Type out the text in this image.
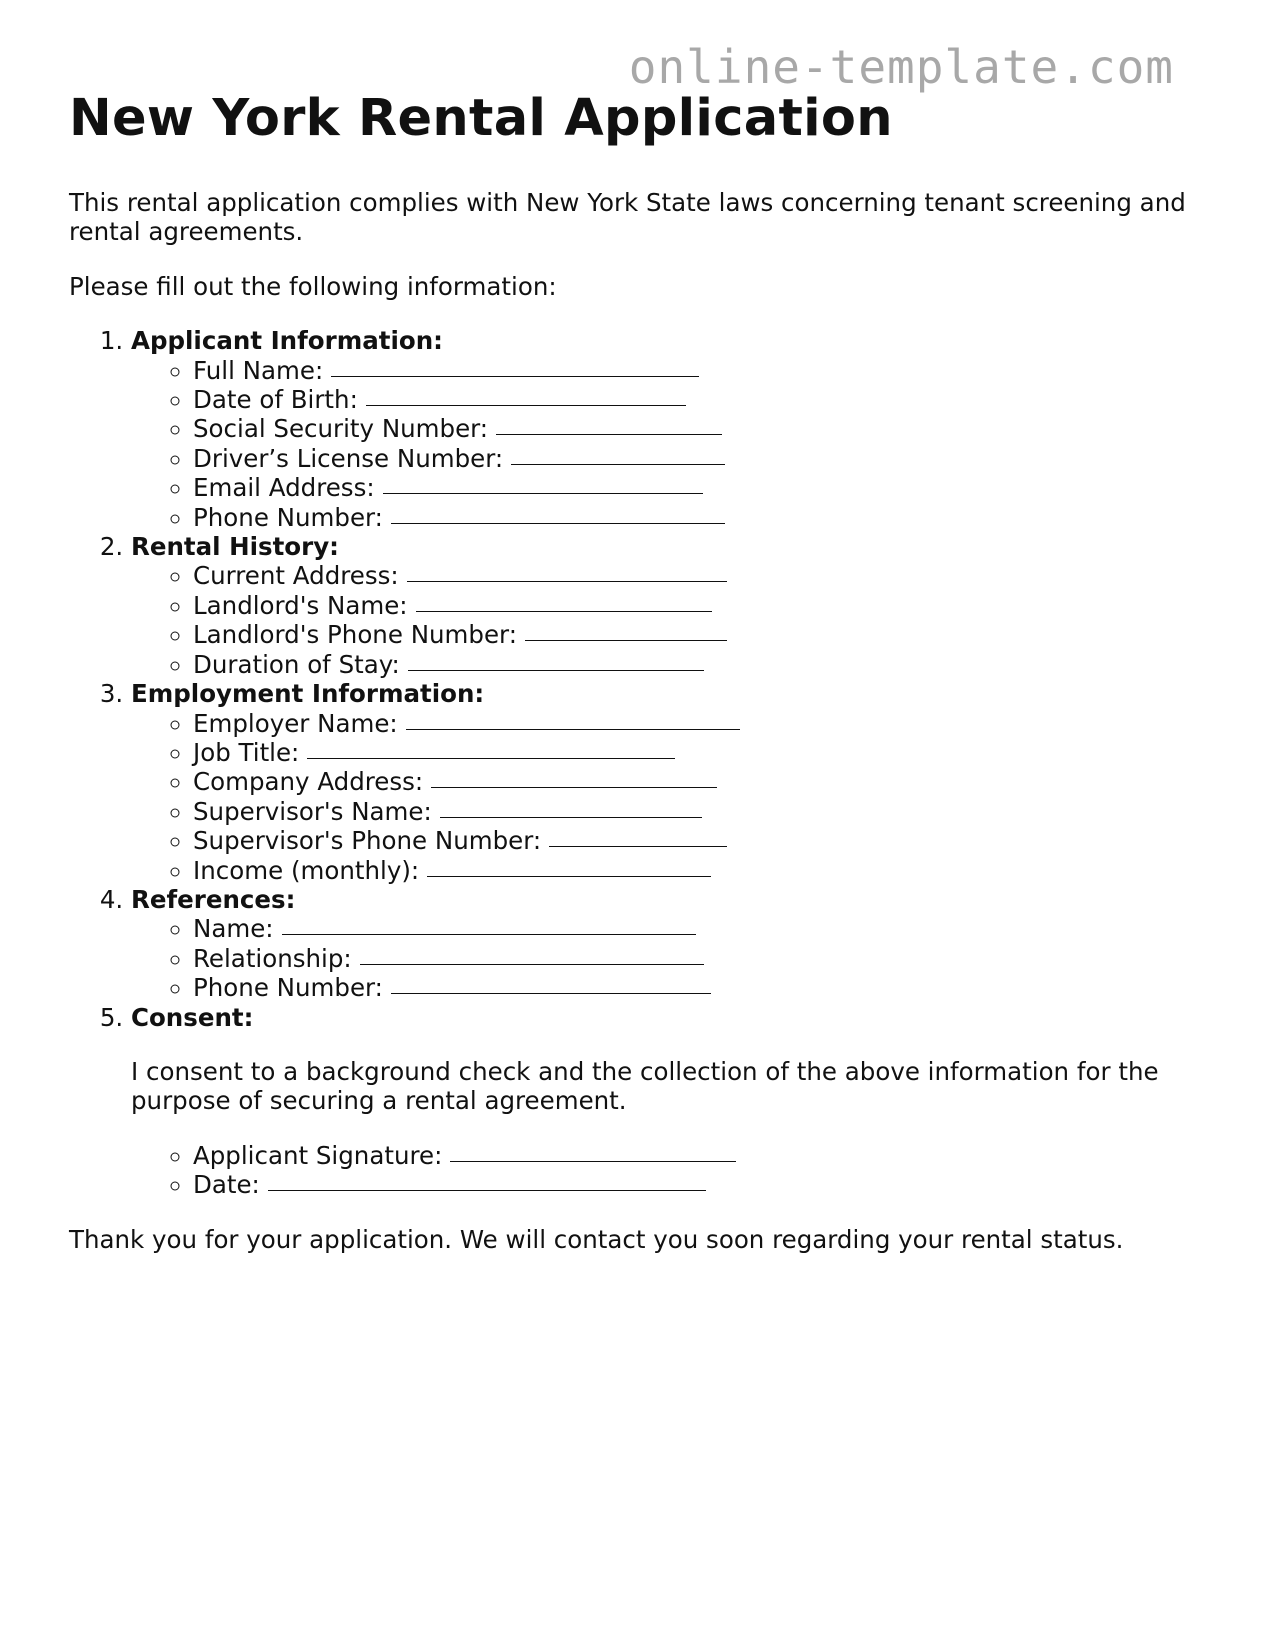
online-template.com
New York Rental Application

This rental application complies with New York State laws concerning tenant screening and rental agreements.

Please fill out the following information:

1. Applicant Information:
◦ Full Name:
◦ Date of Birth:
◦ Social Security Number:
◦ Driver’s License Number:
◦ Email Address:
◦ Phone Number:
2. Rental History:
◦ Current Address:
◦ Landlord's Name:
◦ Landlord's Phone Number:
◦ Duration of Stay:
3. Employment Information:
◦ Employer Name:
◦ Job Title:
◦ Company Address:
◦ Supervisor's Name:
◦ Supervisor's Phone Number:
◦ Income (monthly):
4. References:
◦ Name:
◦ Relationship:
◦ Phone Number:
5. Consent:

I consent to a background check and the collection of the above information for the purpose of securing a rental agreement.

◦ Applicant Signature:
◦ Date:

Thank you for your application. We will contact you soon regarding your rental status.
